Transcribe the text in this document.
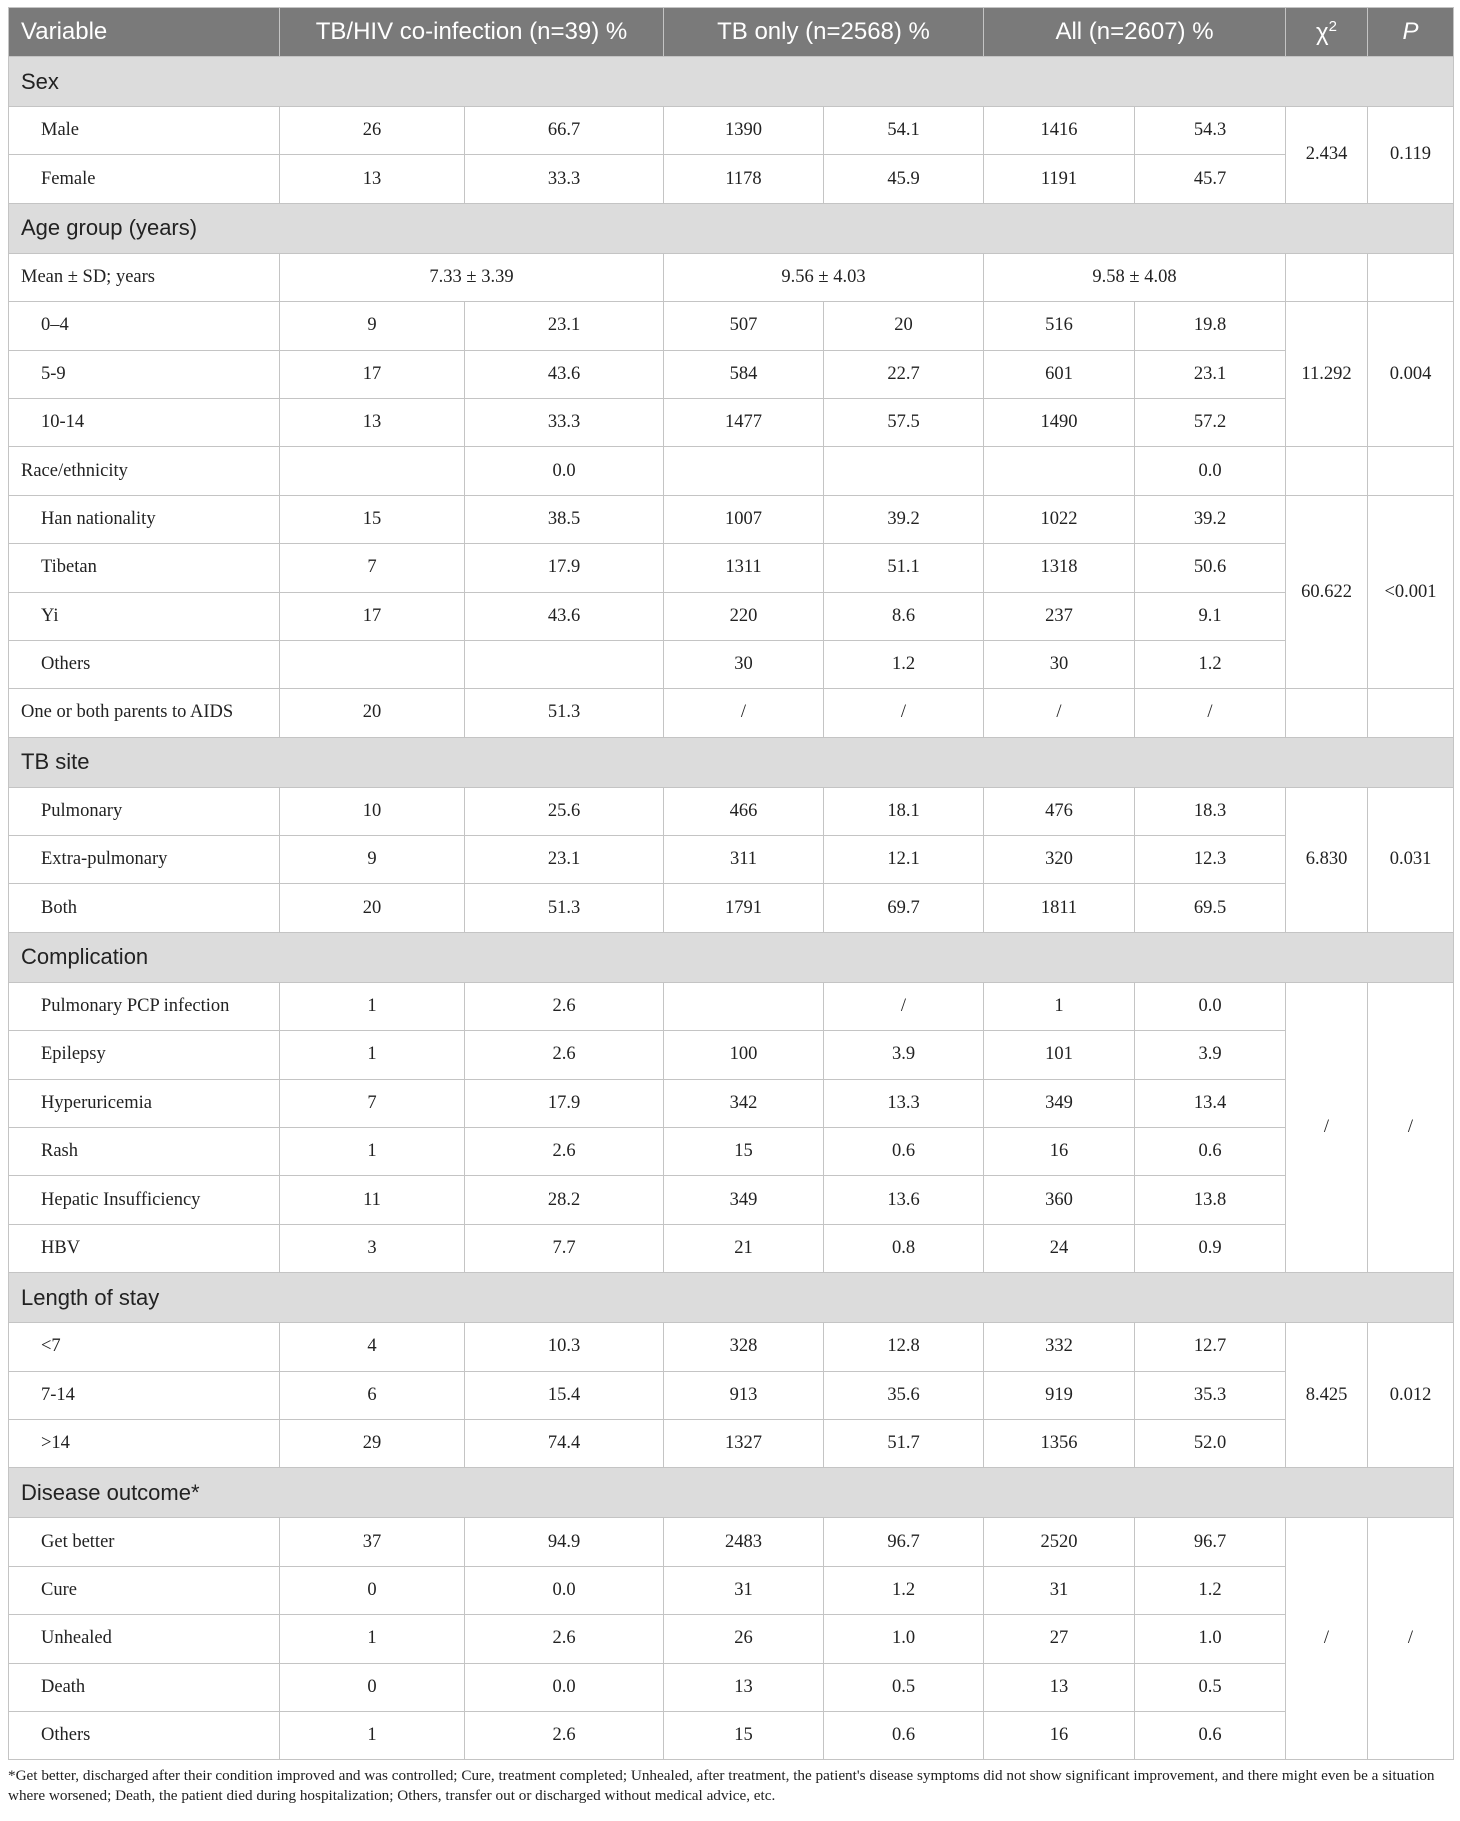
Variable	TB/HIV co-infection (n=39) %		TB only (n=2568) %		All (n=2607) %		$\chi^2$	P
Sex								
Male	26	66.7	1390	54.1	1416	54.3	2.434	0.119
Female	13	33.3	1178	45.9	1191	45.7		
Age group (years)								
Mean ± SD; years	7.33 ± 3.39		9.56 ± 4.03		9.58 ± 4.08			
0–4	9	23.1	507	20	516	19.8	11.292	0.004
5-9	17	43.6	584	22.7	601	23.1		
10-14	13	33.3	1477	57.5	1490	57.2		
Race/ethnicity		0.0				0.0		
Han nationality	15	38.5	1007	39.2	1022	39.2	60.622	<0.001
Tibetan	7	17.9	1311	51.1	1318	50.6		
Yi	17	43.6	220	8.6	237	9.1		
Others			30	1.2	30	1.2		
One or both parents to AIDS	20	51.3	/	/	/	/		
TB site								
Pulmonary	10	25.6	466	18.1	476	18.3	6.830	0.031
Extra-pulmonary	9	23.1	311	12.1	320	12.3		
Both	20	51.3	1791	69.7	1811	69.5		
Complication								
Pulmonary PCP infection	1	2.6		/	1	0.0	/	/
Epilepsy	1	2.6	100	3.9	101	3.9		
Hyperuricemia	7	17.9	342	13.3	349	13.4		
Rash	1	2.6	15	0.6	16	0.6		
Hepatic Insufficiency	11	28.2	349	13.6	360	13.8		
HBV	3	7.7	21	0.8	24	0.9		
Length of stay								
<7	4	10.3	328	12.8	332	12.7	8.425	0.012
7-14	6	15.4	913	35.6	919	35.3		
>14	29	74.4	1327	51.7	1356	52.0		
Disease outcome*								
Get better	37	94.9	2483	96.7	2520	96.7	/	/
Cure	0	0.0	31	1.2	31	1.2		
Unhealed	1	2.6	26	1.0	27	1.0		
Death	0	0.0	13	0.5	13	0.5		
Others	1	2.6	15	0.6	16	0.6		
*Get better, discharged after their condition improved and was controlled; Cure, treatment completed; Unhealed, after treatment, the patient's disease symptoms did not show significant improvement, and there might even be a situation where worsened; Death, the patient died during hospitalization; Others, transfer out or discharged without medical advice, etc.
